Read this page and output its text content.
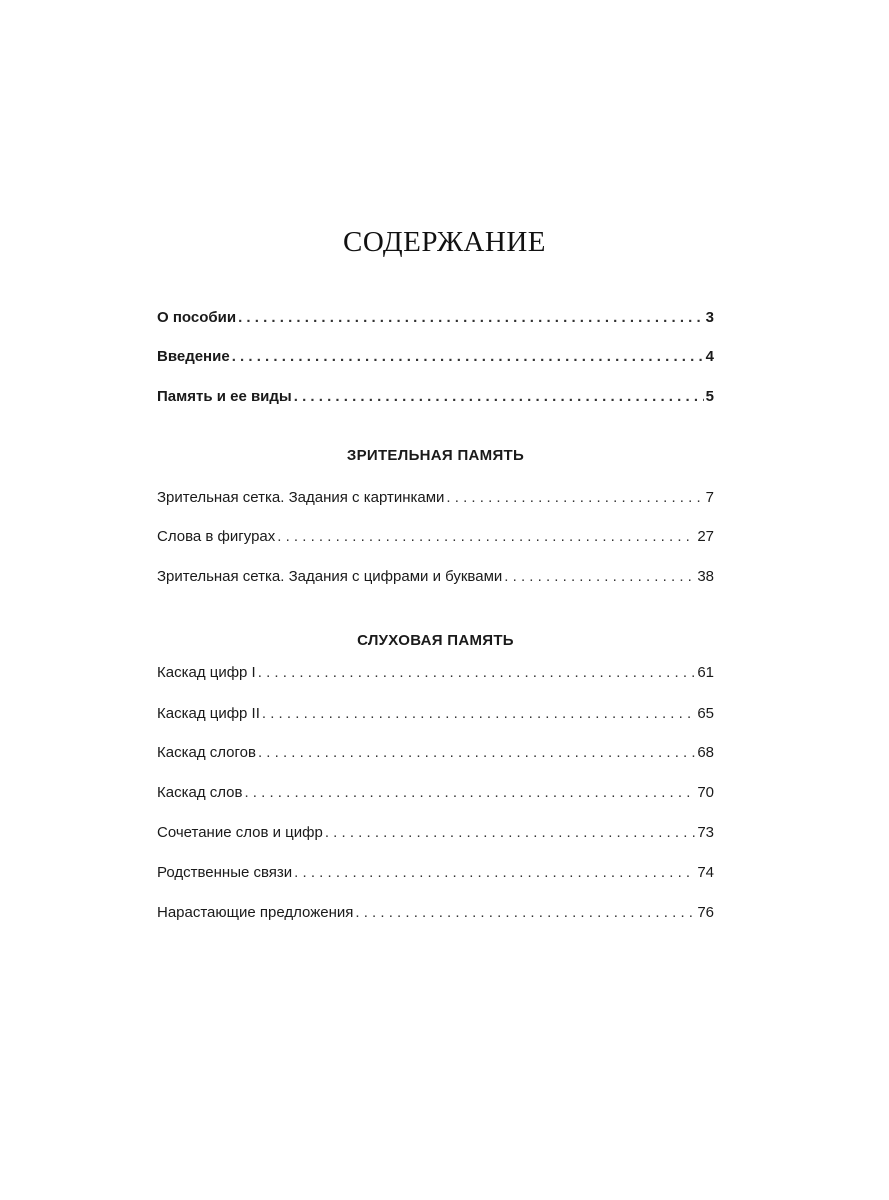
СОДЕРЖАНИЕ
О пособии . . .	3
Введение . . .	4
Память и ее виды . . .	5
ЗРИТЕЛЬНАЯ ПАМЯТЬ
Зрительная сетка. Задания с картинками . . .	7
Слова в фигурах . . .	27
Зрительная сетка. Задания с цифрами и буквами . . .	38
СЛУХОВАЯ ПАМЯТЬ
Каскад цифр I . . .	61
Каскад цифр II . . .	65
Каскад слогов . . .	68
Каскад слов . . .	70
Сочетание слов и цифр . . .	73
Родственные связи . . .	74
Нарастающие предложения . . .	76
